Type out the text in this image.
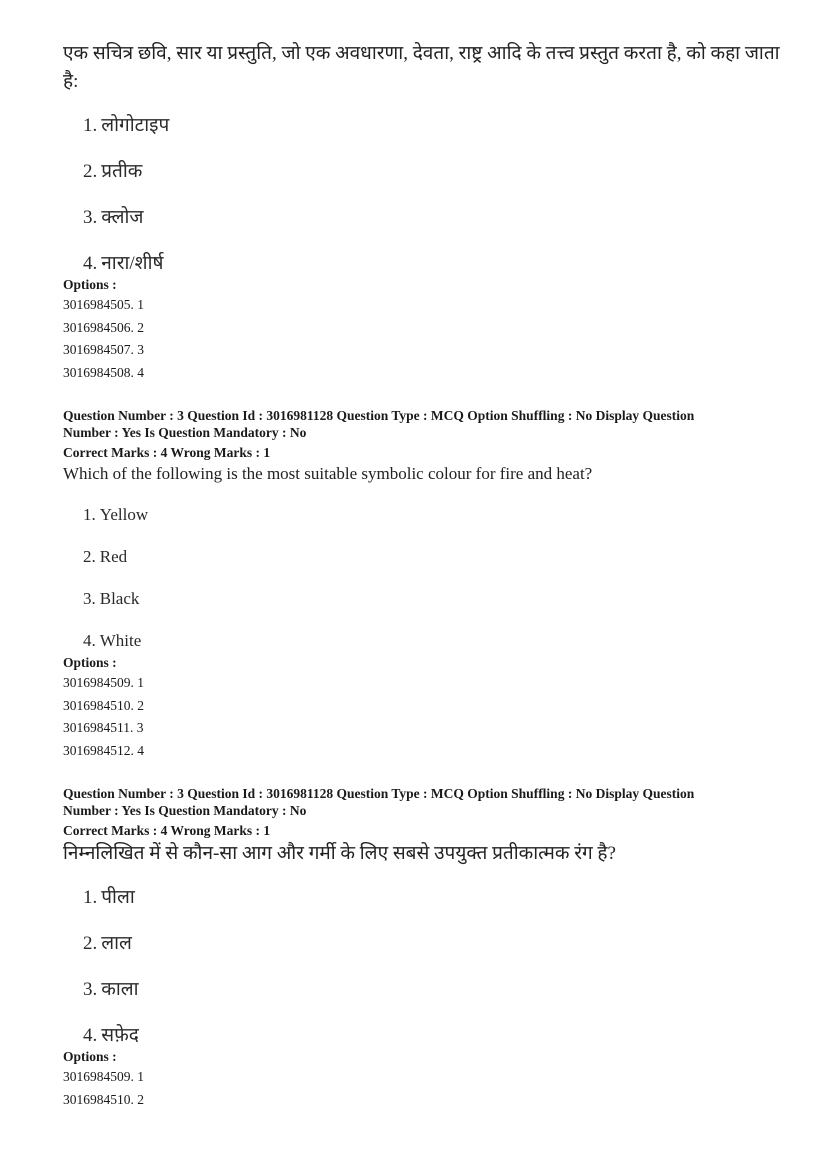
एक सचित्र छवि, सार या प्रस्तुति, जो एक अवधारणा, देवता, राष्ट्र आदि के तत्त्व प्रस्तुत करता है, को कहा जाता है:
1. लोगोटाइप
2. प्रतीक
3. क्लोज
4. नारा/शीर्ष
Options :
3016984505. 1
3016984506. 2
3016984507. 3
3016984508. 4
Question Number : 3 Question Id : 3016981128 Question Type : MCQ Option Shuffling : No Display Question
Number : Yes Is Question Mandatory : No
Correct Marks : 4 Wrong Marks : 1
Which of the following is the most suitable symbolic colour for fire and heat?
1. Yellow
2. Red
3. Black
4. White
Options :
3016984509. 1
3016984510. 2
3016984511. 3
3016984512. 4
Question Number : 3 Question Id : 3016981128 Question Type : MCQ Option Shuffling : No Display Question
Number : Yes Is Question Mandatory : No
Correct Marks : 4 Wrong Marks : 1
निम्नलिखित में से कौन-सा आग और गर्मी के लिए सबसे उपयुक्त प्रतीकात्मक रंग है?
1. पीला
2. लाल
3. काला
4. सफ़ेद
Options :
3016984509. 1
3016984510. 2
